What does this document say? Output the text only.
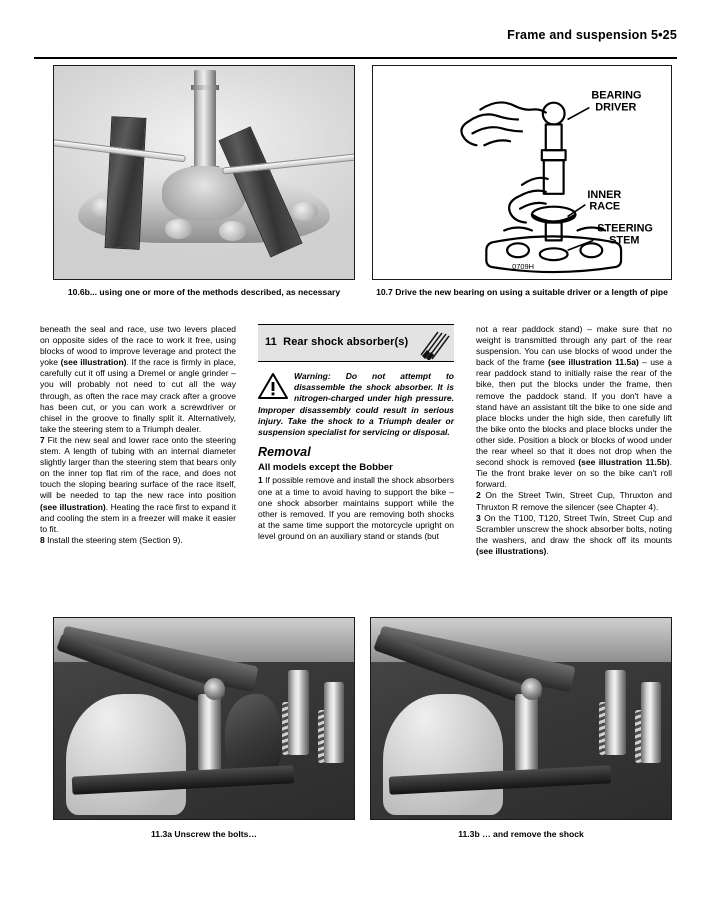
Frame and suspension 5•25
BEARING
DRIVER
INNER
RACE
STEERING
STEM
0709H
10.6b... using one or more of the methods described, as necessary	10.7 Drive the new bearing on using a suitable driver or a length of pipe

beneath the seal and race, use two levers placed on opposite sides of the race to work it free, using blocks of wood to improve leverage and protect the yoke (see illustration). If the race is firmly in place, carefully cut it off using a Dremel or angle grinder – you will probably not need to cut all the way through, as often the race may crack after a groove has been cut, or you can work a screwdriver or chisel in the groove to finally split it. Alternatively, take the steering stem to a Triumph dealer.

7 Fit the new seal and lower race onto the steering stem. A length of tubing with an internal diameter slightly larger than the steering stem that bears only on the inner top flat rim of the race, and does not touch the sloping bearing surface of the race itself, will be needed to tap the new race into position (see illustration). Heating the race first to expand it and cooling the stem in a freezer will make it easier to fit.

8 Install the steering stem (Section 9).

11 Rear shock absorber(s)
Warning: Do not attempt to disassemble the shock absorber. It is nitrogen-charged under high pressure. Improper disassembly could result in serious injury. Take the shock to a Triumph dealer or suspension specialist for servicing or disposal.
Removal
All models except the Bobber

1 If possible remove and install the shock absorbers one at a time to avoid having to support the bike – one shock absorber maintains support while the other is removed. If you are removing both shocks at the same time support the motorcycle upright on level ground on an auxiliary stand or stands (but

not a rear paddock stand) – make sure that no weight is transmitted through any part of the rear suspension. You can use blocks of wood under the back of the frame (see illustration 11.5a) – use a rear paddock stand to initially raise the rear of the bike, then put the blocks under the frame, then remove the paddock stand. If you don't have a stand have an assistant tilt the bike to one side and place blocks under the high side, then carefully lift the bike onto the blocks and place blocks under the other side. Position a block or blocks of wood under the rear wheel so that it does not drop when the second shock is removed (see illustration 11.5b). Tie the front brake lever on so the bike can't roll forward.

2 On the Street Twin, Street Cup, Thruxton and Thruxton R remove the silencer (see Chapter 4).

3 On the T100, T120, Street Twin, Street Cup and Scrambler unscrew the shock absorber bolts, noting the washers, and draw the shock off its mounts (see illustrations).

11.3a Unscrew the bolts…	11.3b … and remove the shock
